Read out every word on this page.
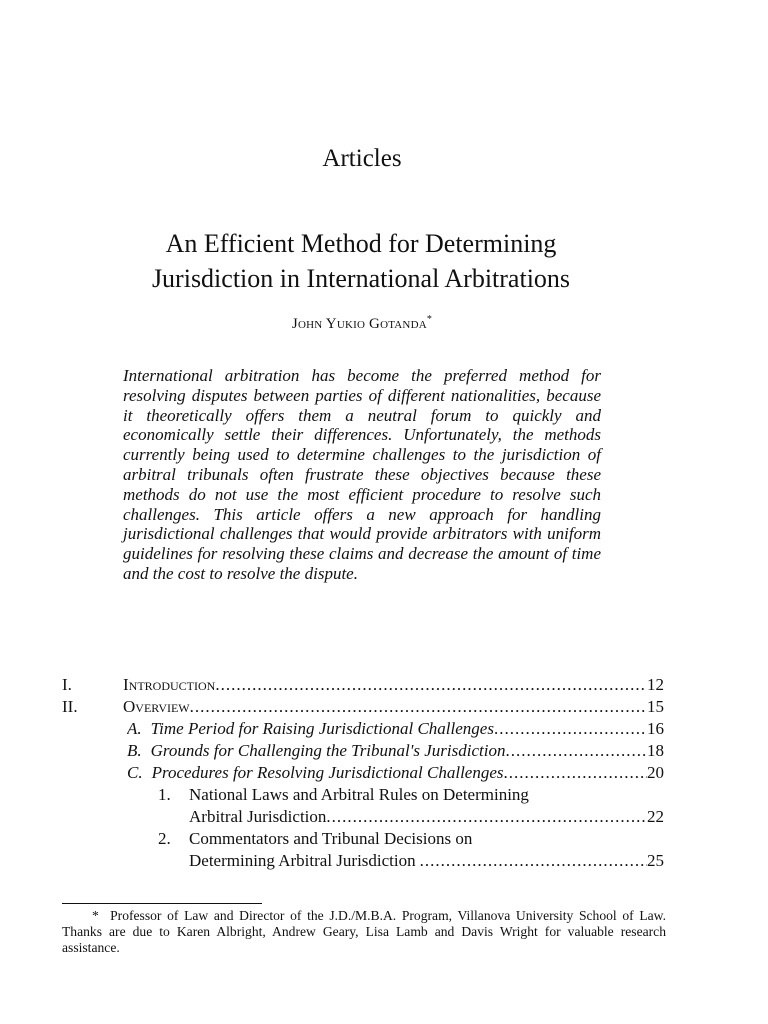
Articles
An Efficient Method for Determining
Jurisdiction in International Arbitrations
John Yukio Gotanda*
International arbitration has become the preferred method for resolving disputes between parties of different nationalities, because it theoretically offers them a neutral forum to quickly and economically settle their differences. Unfortunately, the methods currently being used to determine challenges to the jurisdiction of arbitral tribunals often frustrate these objectives because these methods do not use the most efficient procedure to resolve such challenges. This article offers a new approach for handling jurisdictional challenges that would provide arbitrators with uniform guidelines for resolving these claims and decrease the amount of time and the cost to resolve the dispute.
I.	Introduction .....	12
II.	Overview .....	15
A. Time Period for Raising Jurisdictional Challenges .....	16
B. Grounds for Challenging the Tribunal's Jurisdiction .....	18
C. Procedures for Resolving Jurisdictional Challenges .....	20
1. National Laws and Arbitral Rules on Determining
Arbitral Jurisdiction .....	22
2. Commentators and Tribunal Decisions on
Determining Arbitral Jurisdiction .....	25
* Professor of Law and Director of the J.D./M.B.A. Program, Villanova University School of Law. Thanks are due to Karen Albright, Andrew Geary, Lisa Lamb and Davis Wright for valuable research assistance.
